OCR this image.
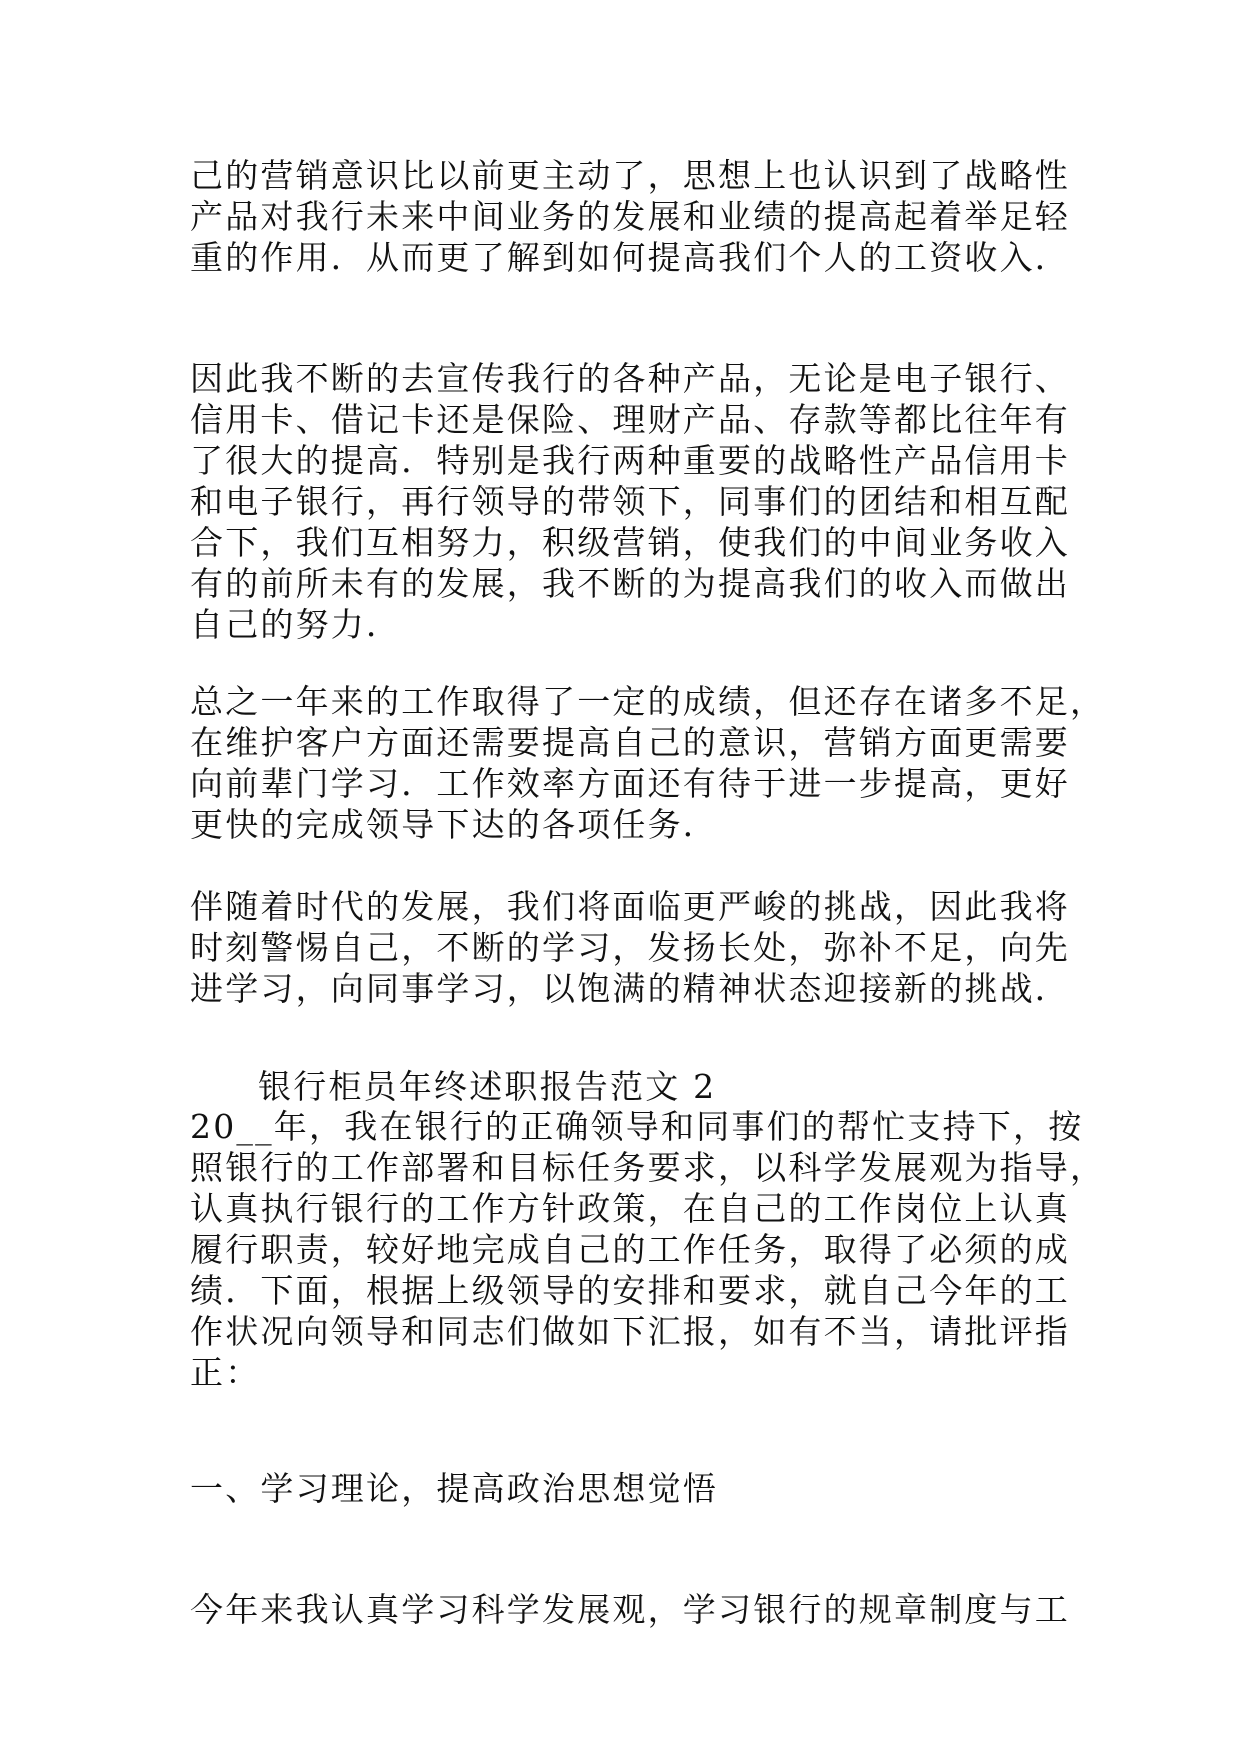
己的营销意识比以前更主动了，思想上也认识到了战略性
产品对我行未来中间业务的发展和业绩的提高起着举足轻
重的作用．从而更了解到如何提高我们个人的工资收入．
因此我不断的去宣传我行的各种产品，无论是电子银行、
信用卡、借记卡还是保险、理财产品、存款等都比往年有
了很大的提高．特别是我行两种重要的战略性产品信用卡
和电子银行，再行领导的带领下，同事们的团结和相互配
合下，我们互相努力，积级营销，使我们的中间业务收入
有的前所未有的发展，我不断的为提高我们的收入而做出
自己的努力．
总之一年来的工作取得了一定的成绩，但还存在诸多不足，
在维护客户方面还需要提高自己的意识，营销方面更需要
向前辈门学习．工作效率方面还有待于进一步提高，更好
更快的完成领导下达的各项任务．
伴随着时代的发展，我们将面临更严峻的挑战，因此我将
时刻警惕自己，不断的学习，发扬长处，弥补不足，向先
进学习，向同事学习，以饱满的精神状态迎接新的挑战．
银行柜员年终述职报告范文 2
20__年，我在银行的正确领导和同事们的帮忙支持下，按
照银行的工作部署和目标任务要求，以科学发展观为指导，
认真执行银行的工作方针政策，在自己的工作岗位上认真
履行职责，较好地完成自己的工作任务，取得了必须的成
绩．下面，根据上级领导的安排和要求，就自己今年的工
作状况向领导和同志们做如下汇报，如有不当，请批评指
正：
一、学习理论，提高政治思想觉悟
今年来我认真学习科学发展观，学习银行的规章制度与工
